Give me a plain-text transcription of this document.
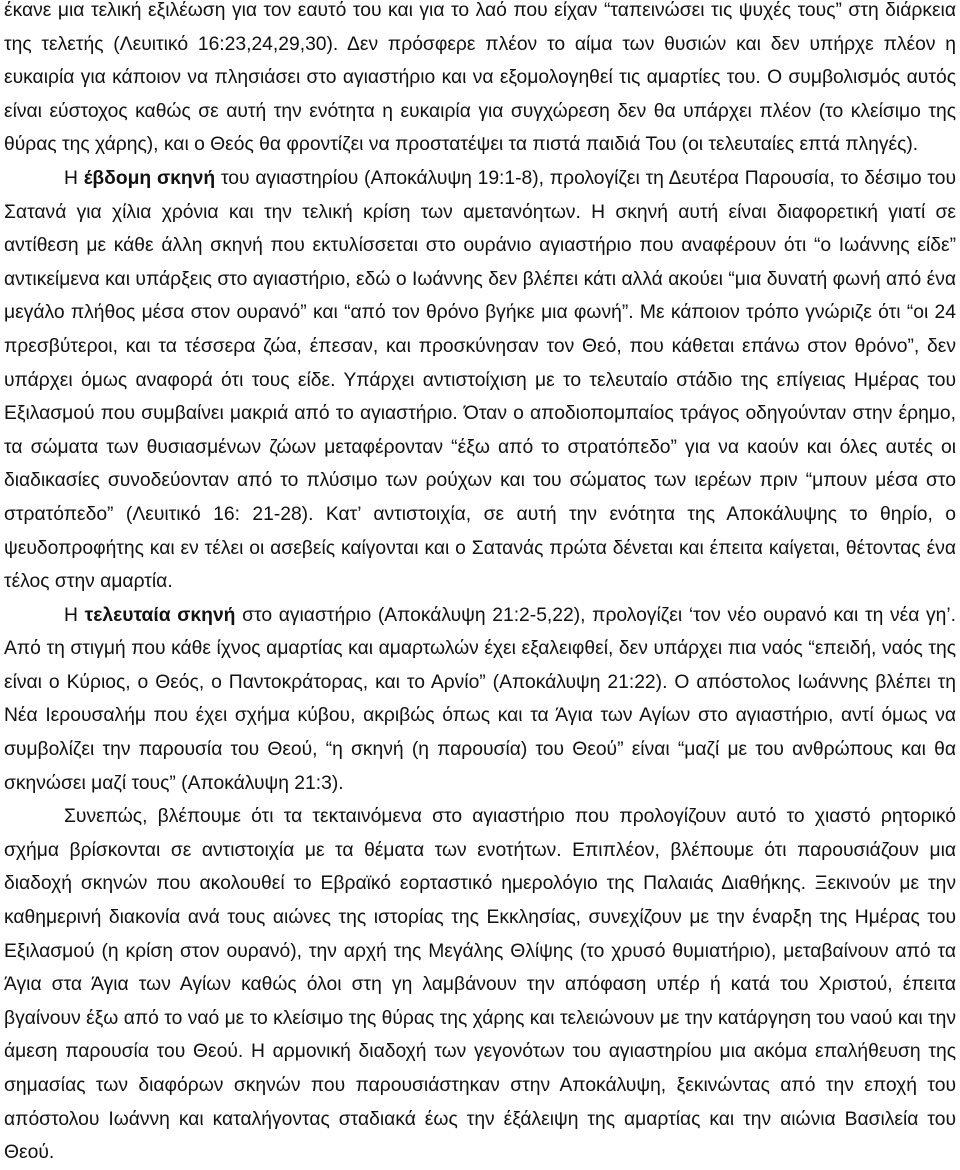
έκανε μια τελική εξιλέωση για τον εαυτό του και για το λαό που είχαν “ταπεινώσει τις ψυχές τους” στη διάρκεια της τελετής (Λευιτικό 16:23,24,29,30). Δεν πρόσφερε πλέον το αίμα των θυσιών και δεν υπήρχε πλέον η ευκαιρία για κάποιον να πλησιάσει στο αγιαστήριο και να εξομολογηθεί τις αμαρτίες του. Ο συμβολισμός αυτός είναι εύστοχος καθώς σε αυτή την ενότητα η ευκαιρία για συγχώρεση δεν θα υπάρχει πλέον (το κλείσιμο της θύρας της χάρης), και ο Θεός θα φροντίζει να προστατέψει τα πιστά παιδιά Του (οι τελευταίες επτά πληγές).

Η έβδομη σκηνή του αγιαστηρίου (Αποκάλυψη 19:1-8), προλογίζει τη Δευτέρα Παρουσία, το δέσιμο του Σατανά για χίλια χρόνια και την τελική κρίση των αμετανόητων. Η σκηνή αυτή είναι διαφορετική γιατί σε αντίθεση με κάθε άλλη σκηνή που εκτυλίσσεται στο ουράνιο αγιαστήριο που αναφέρουν ότι “ο Ιωάννης είδε” αντικείμενα και υπάρξεις στο αγιαστήριο, εδώ ο Ιωάννης δεν βλέπει κάτι αλλά ακούει “μια δυνατή φωνή από ένα μεγάλο πλήθος μέσα στον ουρανό” και “από τον θρόνο βγήκε μια φωνή”. Με κάποιον τρόπο γνώριζε ότι “οι 24 πρεσβύτεροι, και τα τέσσερα ζώα, έπεσαν, και προσκύνησαν τον Θεό, που κάθεται επάνω στον θρόνο”, δεν υπάρχει όμως αναφορά ότι τους είδε. Υπάρχει αντιστοίχιση με το τελευταίο στάδιο της επίγειας Ημέρας του Εξιλασμού που συμβαίνει μακριά από το αγιαστήριο. Όταν ο αποδιοπομπαίος τράγος οδηγούνταν στην έρημο, τα σώματα των θυσιασμένων ζώων μεταφέρονταν “έξω από το στρατόπεδο” για να καούν και όλες αυτές οι διαδικασίες συνοδεύονταν από το πλύσιμο των ρούχων και του σώματος των ιερέων πριν “μπουν μέσα στο στρατόπεδο” (Λευιτικό 16: 21-28). Κατ’ αντιστοιχία, σε αυτή την ενότητα της Αποκάλυψης το θηρίο, ο ψευδοπροφήτης και εν τέλει οι ασεβείς καίγονται και ο Σατανάς πρώτα δένεται και έπειτα καίγεται, θέτοντας ένα τέλος στην αμαρτία.

Η τελευταία σκηνή στο αγιαστήριο (Αποκάλυψη 21:2-5,22), προλογίζει ‘τον νέο ουρανό και τη νέα γη’. Από τη στιγμή που κάθε ίχνος αμαρτίας και αμαρτωλών έχει εξαλειφθεί, δεν υπάρχει πια ναός “επειδή, ναός της είναι ο Κύριος, ο Θεός, ο Παντοκράτορας, και το Αρνίο” (Αποκάλυψη 21:22). Ο απόστολος Ιωάννης βλέπει τη Νέα Ιερουσαλήμ που έχει σχήμα κύβου, ακριβώς όπως και τα Άγια των Αγίων στο αγιαστήριο, αντί όμως να συμβολίζει την παρουσία του Θεού, “η σκηνή (η παρουσία) του Θεού” είναι “μαζί με του ανθρώπους και θα σκηνώσει μαζί τους” (Αποκάλυψη 21:3).

Συνεπώς, βλέπουμε ότι τα τεκταινόμενα στο αγιαστήριο που προλογίζουν αυτό το χιαστό ρητορικό σχήμα βρίσκονται σε αντιστοιχία με τα θέματα των ενοτήτων. Επιπλέον, βλέπουμε ότι παρουσιάζουν μια διαδοχή σκηνών που ακολουθεί το Εβραϊκό εορταστικό ημερολόγιο της Παλαιάς Διαθήκης. Ξεκινούν με την καθημερινή διακονία ανά τους αιώνες της ιστορίας της Εκκλησίας, συνεχίζουν με την έναρξη της Ημέρας του Εξιλασμού (η κρίση στον ουρανό), την αρχή της Μεγάλης Θλίψης (το χρυσό θυμιατήριο), μεταβαίνουν από τα Άγια στα Άγια των Αγίων καθώς όλοι στη γη λαμβάνουν την απόφαση υπέρ ή κατά του Χριστού, έπειτα βγαίνουν έξω από το ναό με το κλείσιμο της θύρας της χάρης και τελειώνουν με την κατάργηση του ναού και την άμεση παρουσία του Θεού. Η αρμονική διαδοχή των γεγονότων του αγιαστηρίου μια ακόμα επαλήθευση της σημασίας των διαφόρων σκηνών που παρουσιάστηκαν στην Αποκάλυψη, ξεκινώντας από την εποχή του απόστολου Ιωάννη και καταλήγοντας σταδιακά έως την έξάλειψη της αμαρτίας και την αιώνια Βασιλεία του Θεού.
